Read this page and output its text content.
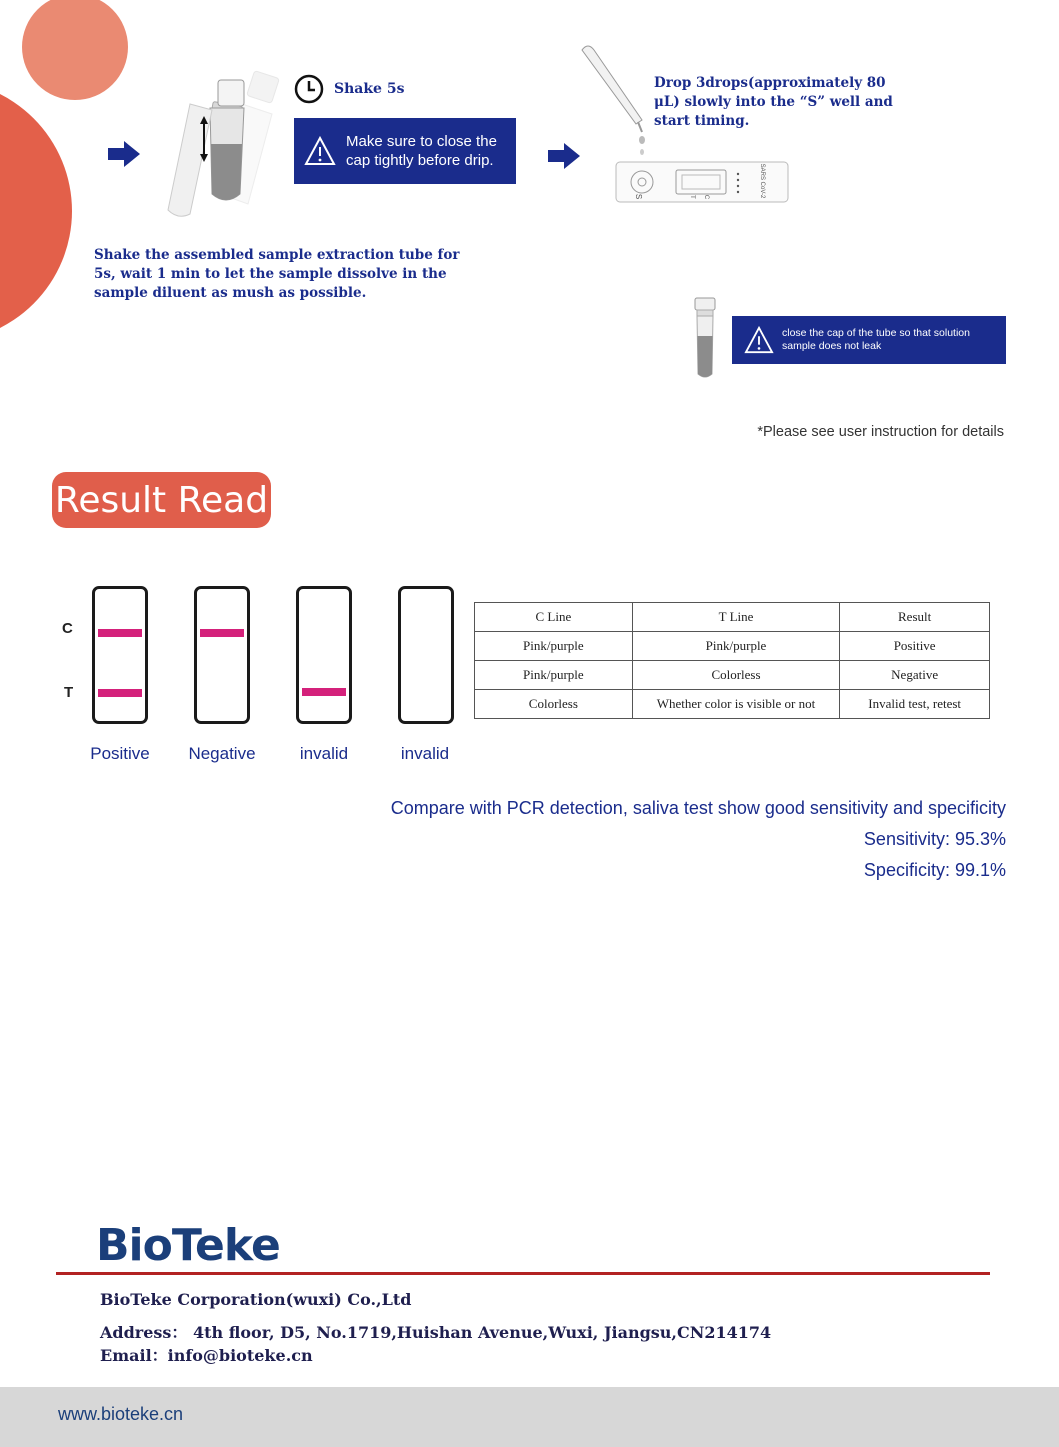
Shake 5s
Make sure to close the cap tightly before drip.
Shake the assembled sample extraction tube for 5s, wait 1 min to let the sample dissolve in the sample diluent as mush as possible.
S	T C	SARS CoV-2
Drop 3drops(approximately 80 μL) slowly into the “S” well and start timing.
close the cap of the tube so that solution sample does not leak
*Please see user instruction for details
Result Read
C
T
Positive	Negative	invalid	invalid
C Line	T Line	Result
Pink/purple	Pink/purple	Positive
Pink/purple	Colorless	Negative
Colorless	Whether color is visible or not	Invalid test, retest
Compare with PCR detection, saliva test show good sensitivity and specificity
Sensitivity: 95.3%
Specificity: 99.1%
BioTeke
BioTeke Corporation(wuxi) Co.,Ltd
Address： 4th floor, D5, No.1719,Huishan Avenue,Wuxi, Jiangsu,CN214174
Email：info@bioteke.cn
www.bioteke.cn
